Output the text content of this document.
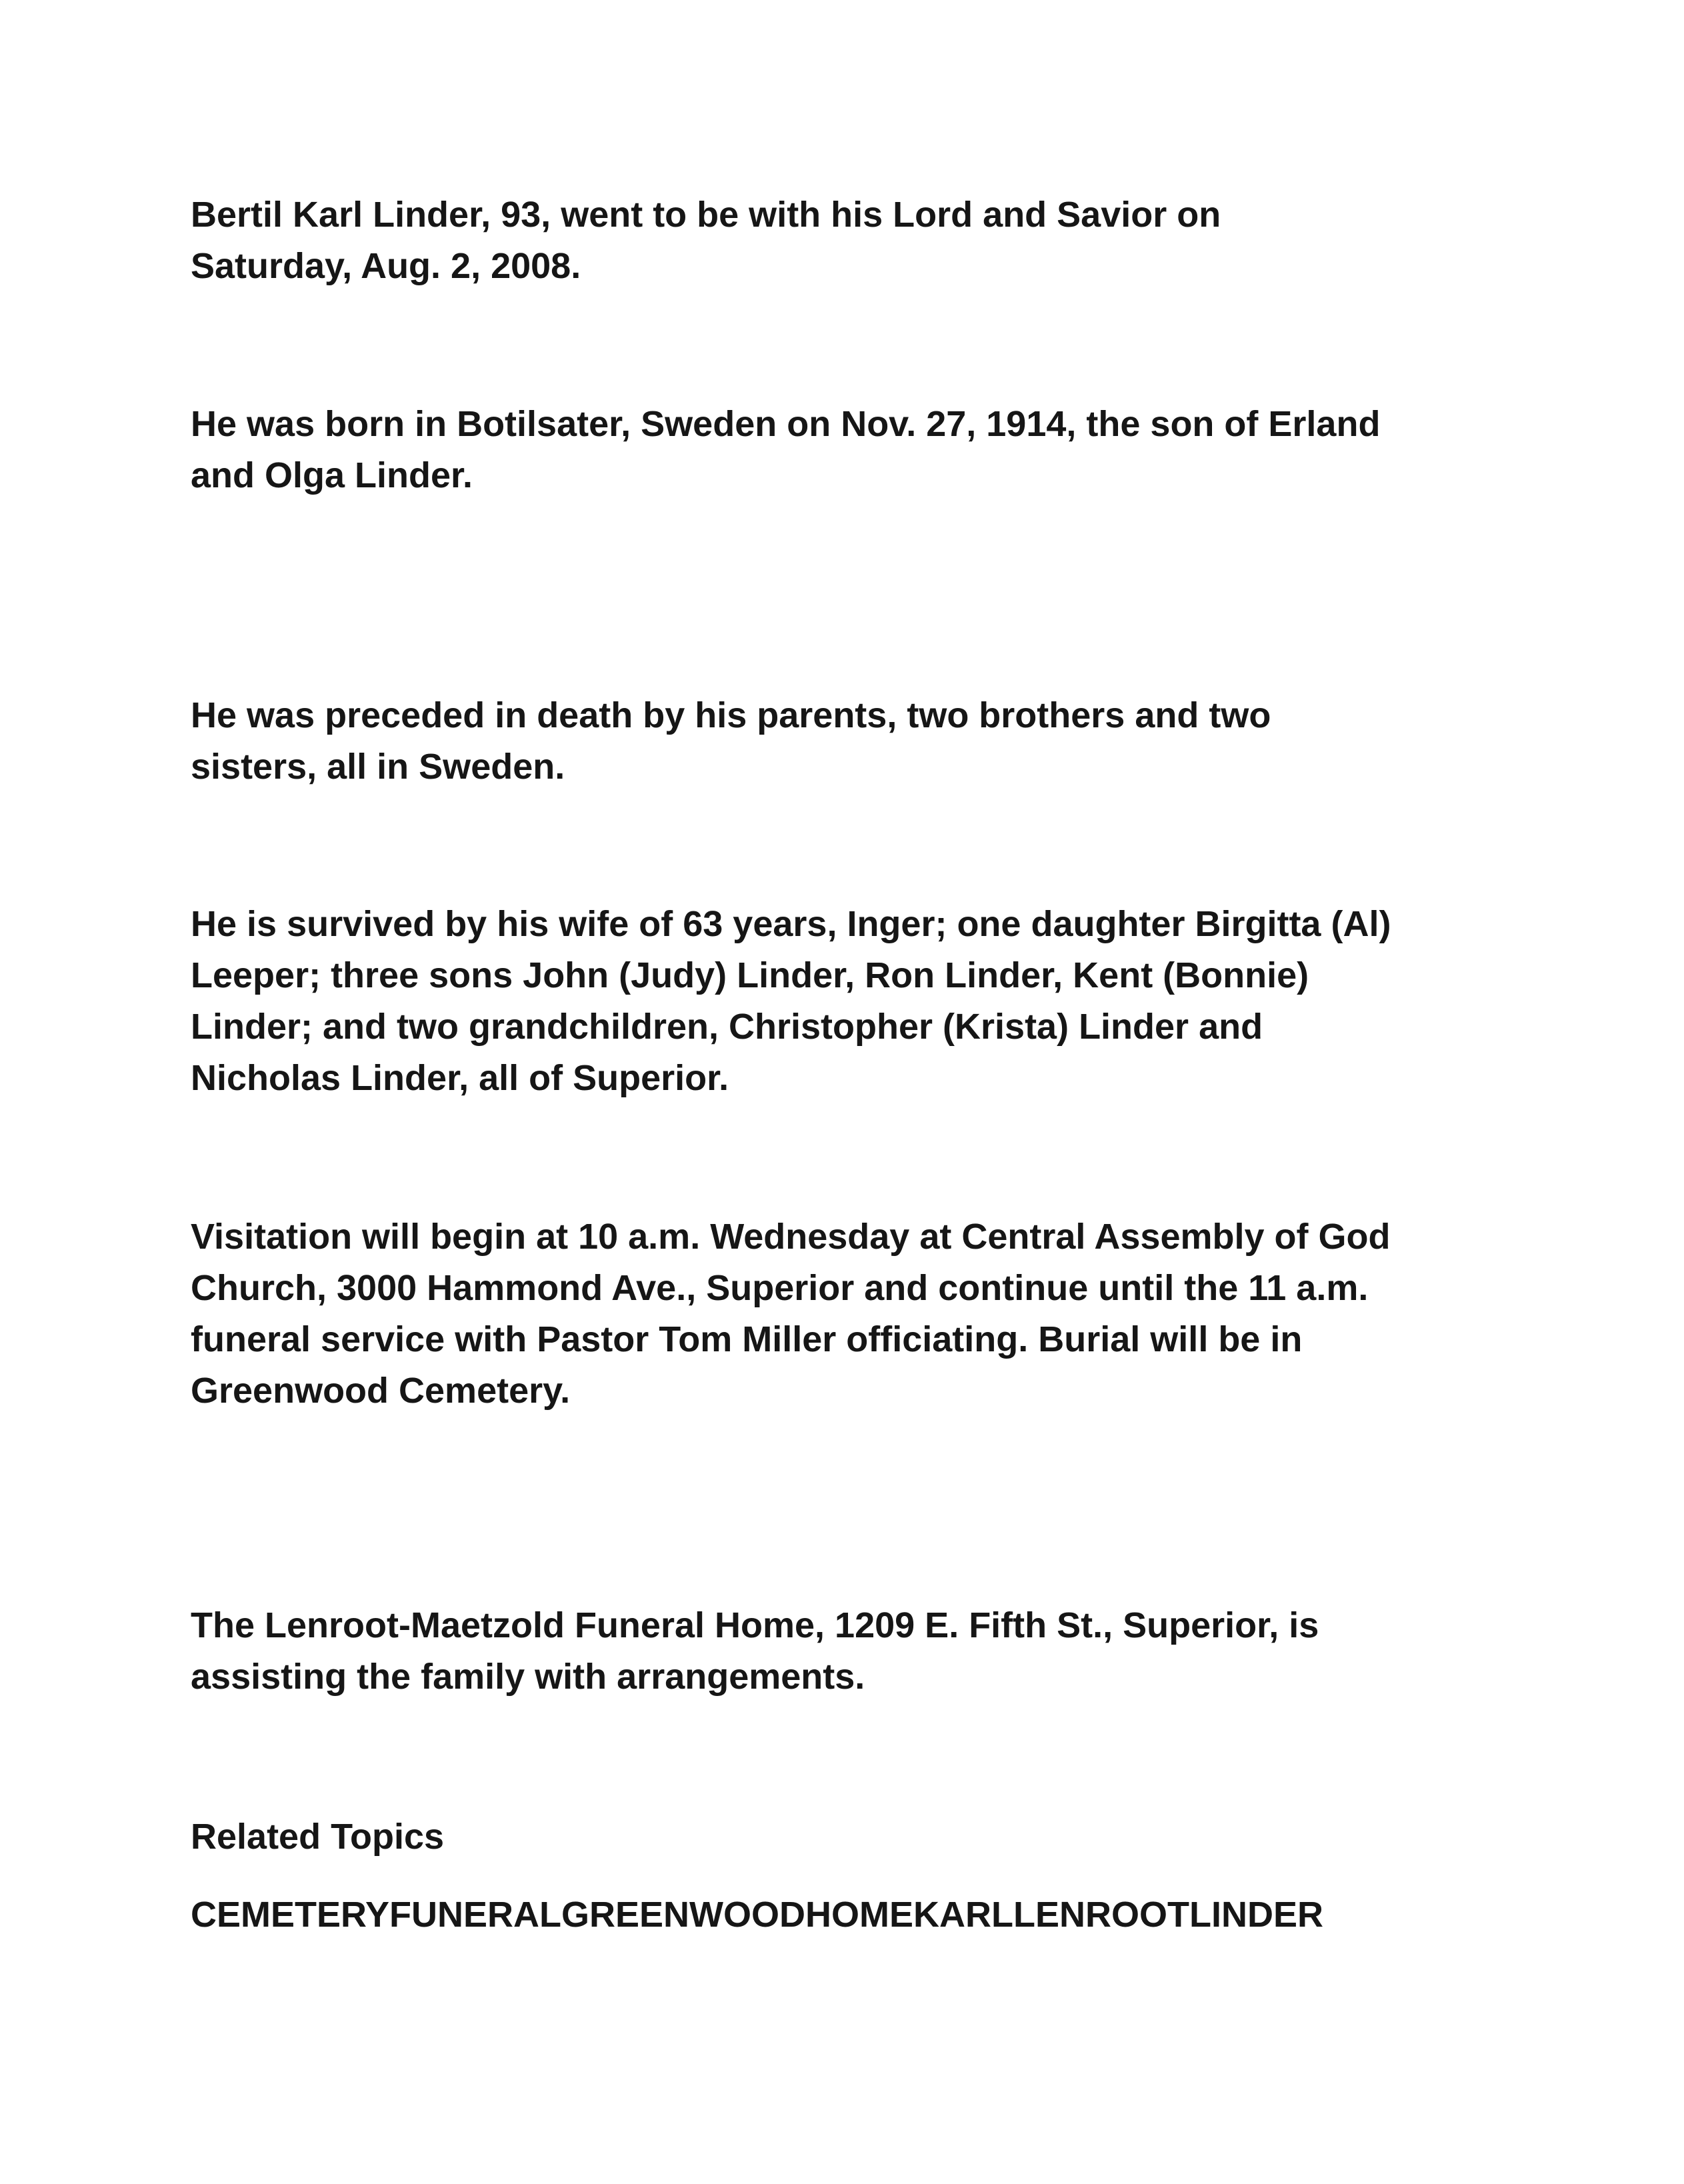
Bertil Karl Linder, 93, went to be with his Lord and Savior on
Saturday, Aug. 2, 2008.
He was born in Botilsater, Sweden on Nov. 27, 1914, the son of Erland
and Olga Linder.
He was preceded in death by his parents, two brothers and two
sisters, all in Sweden.
He is survived by his wife of 63 years, Inger; one daughter Birgitta (Al)
Leeper; three sons John (Judy) Linder, Ron Linder, Kent (Bonnie)
Linder; and two grandchildren, Christopher (Krista) Linder and
Nicholas Linder, all of Superior.
Visitation will begin at 10 a.m. Wednesday at Central Assembly of God
Church, 3000 Hammond Ave., Superior and continue until the 11 a.m.
funeral service with Pastor Tom Miller officiating. Burial will be in
Greenwood Cemetery.
The Lenroot-Maetzold Funeral Home, 1209 E. Fifth St., Superior, is
assisting the family with arrangements.
Related Topics
CEMETERYFUNERALGREENWOODHOMEKARLLENROOTLINDER
